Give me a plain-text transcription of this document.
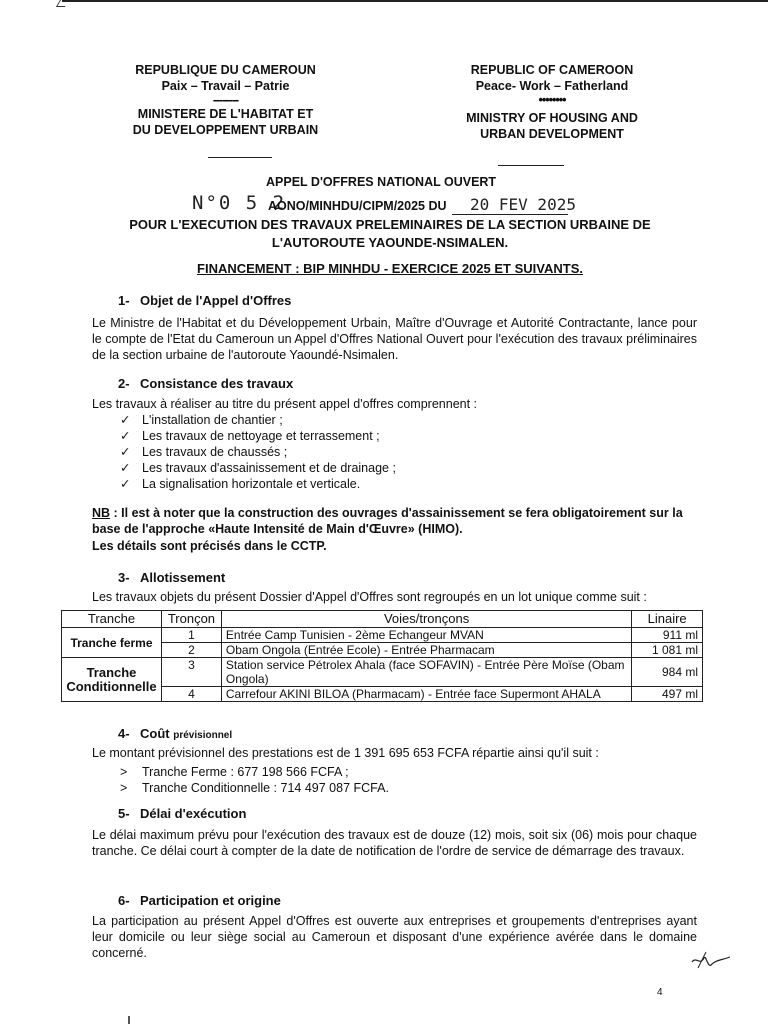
REPUBLIQUE DU CAMEROUN
Paix – Travail – Patrie
--------
MINISTERE DE L'HABITAT ET
DU DEVELOPPEMENT URBAIN
REPUBLIC OF CAMEROON
Peace- Work – Fatherland
••••••••
MINISTRY OF HOUSING AND
URBAN DEVELOPMENT
APPEL D'OFFRES NATIONAL OUVERT
N°0 5 2
AONO/MINHDU/CIPM/2025 DU 20 FEV 2025
POUR L'EXECUTION DES TRAVAUX PRELEMINAIRES DE LA SECTION URBAINE DE L'AUTOROUTE YAOUNDE-NSIMALEN.
FINANCEMENT : BIP MINHDU - EXERCICE 2025 ET SUIVANTS.
1- Objet de l'Appel d'Offres
Le Ministre de l'Habitat et du Développement Urbain, Maître d'Ouvrage et Autorité Contractante, lance pour le compte de l'Etat du Cameroun un Appel d'Offres National Ouvert pour l'exécution des travaux préliminaires de la section urbaine de l'autoroute Yaoundé-Nsimalen.
2- Consistance des travaux
Les travaux à réaliser au titre du présent appel d'offres comprennent :
✓ L'installation de chantier ;
✓ Les travaux de nettoyage et terrassement ;
✓ Les travaux de chaussés ;
✓ Les travaux d'assainissement et de drainage ;
✓ La signalisation horizontale et verticale.
NB : Il est à noter que la construction des ouvrages d'assainissement se fera obligatoirement sur la base de l'approche «Haute Intensité de Main d'Œuvre» (HIMO).
Les détails sont précisés dans le CCTP.
3- Allotissement
Les travaux objets du présent Dossier d'Appel d'Offres sont regroupés en un lot unique comme suit :
Tranche	Tronçon	Voies/tronçons	Linaire
Tranche ferme	1	Entrée Camp Tunisien - 2ème Echangeur MVAN	911 ml
	2	Obam Ongola (Entrée Ecole) - Entrée Pharmacam	1 081 ml
Tranche Conditionnelle	3	Station service Pétrolex Ahala (face SOFAVIN) - Entrée Père Moïse (Obam Ongola)	984 ml
	4	Carrefour AKINI BILOA (Pharmacam) - Entrée face Supermont AHALA	497 ml
4- Coût prévisionnel
Le montant prévisionnel des prestations est de 1 391 695 653 FCFA répartie ainsi qu'il suit :
> Tranche Ferme : 677 198 566 FCFA ;
> Tranche Conditionnelle : 714 497 087 FCFA.
5- Délai d'exécution
Le délai maximum prévu pour l'exécution des travaux est de douze (12) mois, soit six (06) mois pour chaque tranche. Ce délai court à compter de la date de notification de l'ordre de service de démarrage des travaux.
6- Participation et origine
La participation au présent Appel d'Offres est ouverte aux entreprises et groupements d'entreprises ayant leur domicile ou leur siège social au Cameroun et disposant d'une expérience avérée dans le domaine concerné.
4
